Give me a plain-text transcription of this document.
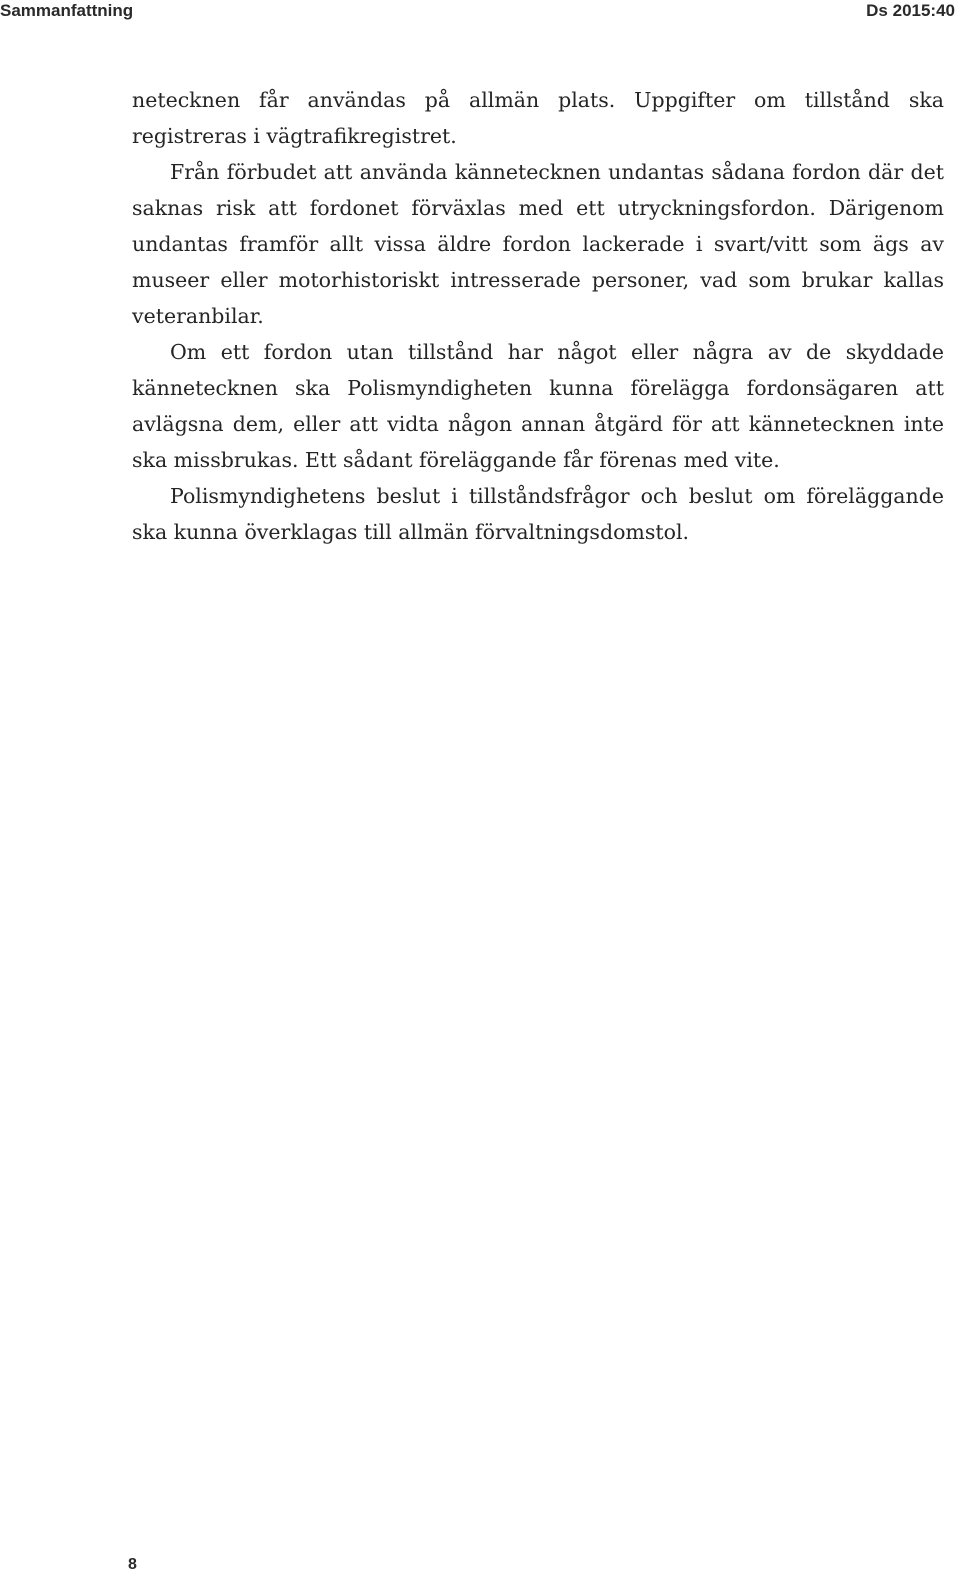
Sammanfattning	Ds 2015:40

netecknen får användas på allmän plats. Uppgifter om tillstånd ska registreras i vägtrafikregistret.

Från förbudet att använda kännetecknen undantas sådana fordon där det saknas risk att fordonet förväxlas med ett utryckningsfordon. Därigenom undantas framför allt vissa äldre fordon lackerade i svart/vitt som ägs av museer eller motorhistoriskt intresserade personer, vad som brukar kallas veteranbilar.

Om ett fordon utan tillstånd har något eller några av de skyddade kännetecknen ska Polismyndigheten kunna förelägga fordonsägaren att avlägsna dem, eller att vidta någon annan åtgärd för att kännetecknen inte ska missbrukas. Ett sådant föreläggande får förenas med vite.

Polismyndighetens beslut i tillståndsfrågor och beslut om föreläggande ska kunna överklagas till allmän förvaltningsdomstol.

8
